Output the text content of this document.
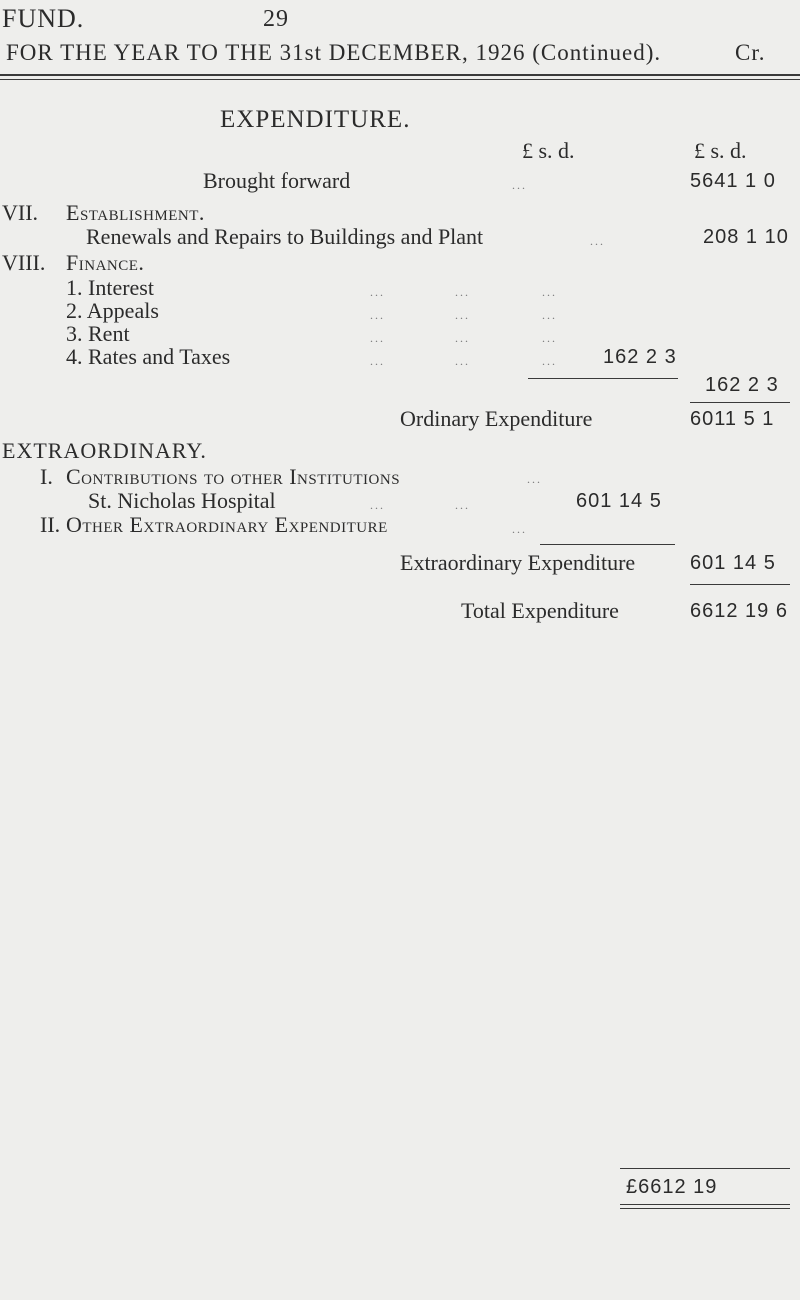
FUND.	29
FOR THE YEAR TO THE 31st DECEMBER, 1926 (Continued).	Cr.
EXPENDITURE.
£ s. d.	£ s. d.
Brought forward	...	5641 1 0
VII. Establishment.
Renewals and Repairs to Buildings and Plant	...	208 1 10
VIII. Finance.
1. Interest	...	...	...
2. Appeals	...	...	...
3. Rent	...	...	...
4. Rates and Taxes	...	...	... 162 2 3
162 2 3
Ordinary Expenditure	6011 5 1
EXTRAORDINARY.
I. Contributions to other Institutions	...
St. Nicholas Hospital	...	...	601 14 5
II. Other Extraordinary Expenditure	...
Extraordinary Expenditure	601 14 5
Total Expenditure	6612 19 6
£6612 19
